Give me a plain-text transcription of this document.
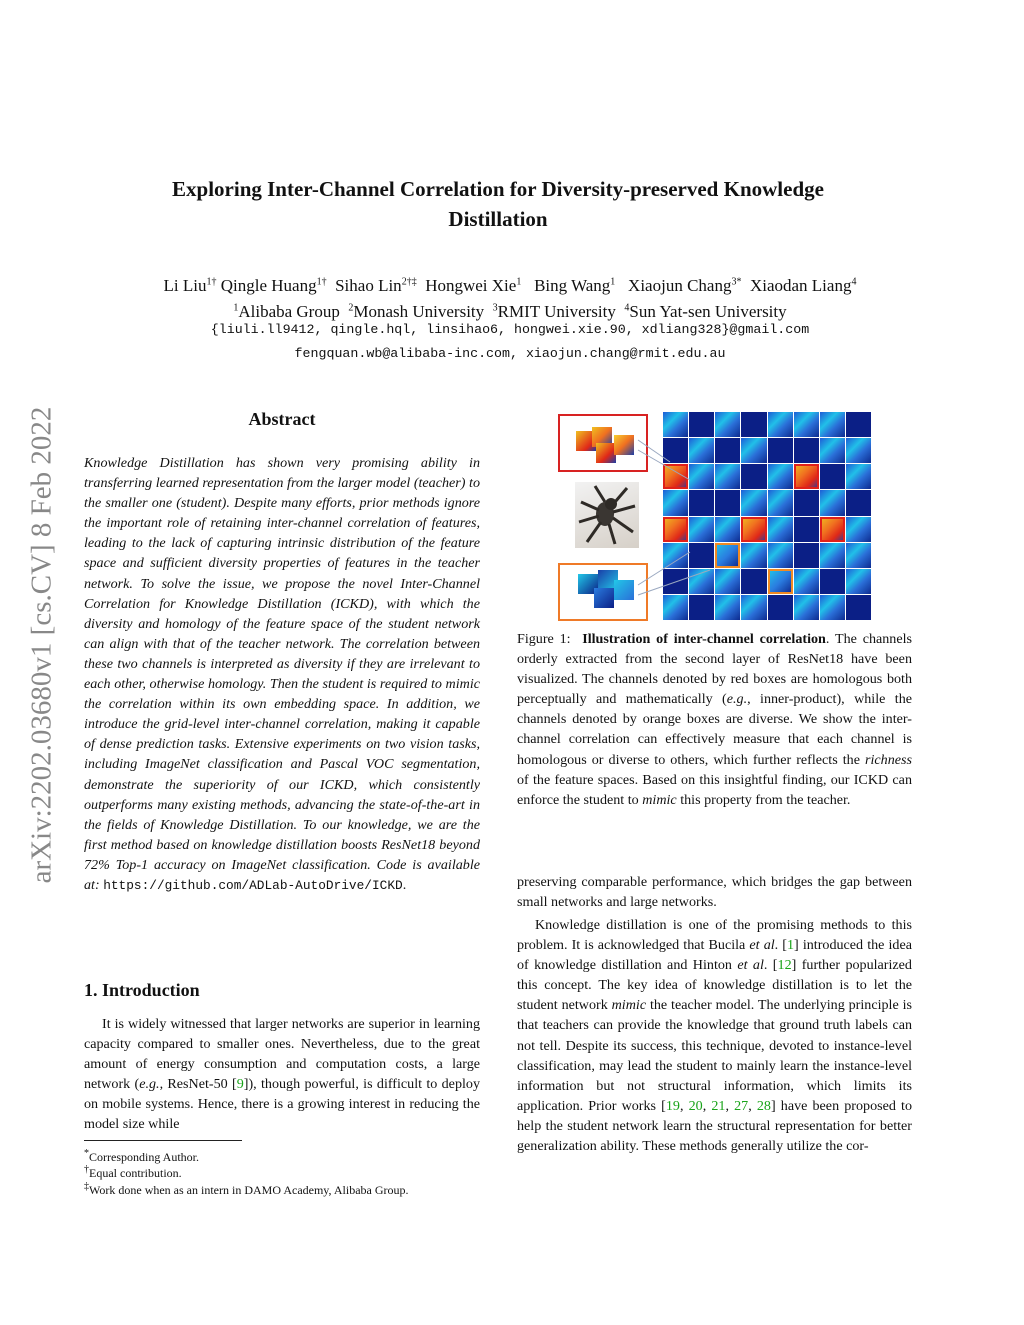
arXiv:2202.03680v1 [cs.CV] 8 Feb 2022
Exploring Inter-Channel Correlation for Diversity-preserved Knowledge
Distillation
Li Liu$^{1\dagger}$ Qingle Huang$^{1\dagger}$ Sihao Lin$^{2\dagger\ddagger}$ Hongwei Xie$^1$ Bing Wang$^1$ Xiaojun Chang$^{3*}$ Xiaodan Liang$^4$
$^1$Alibaba Group $^2$Monash University $^3$RMIT University $^4$Sun Yat-sen University
{liuli.ll9412, qingle.hql, linsihao6, hongwei.xie.90, xdliang328}@gmail.com
fengquan.wb@alibaba-inc.com, xiaojun.chang@rmit.edu.au
Abstract
Knowledge Distillation has shown very promising ability in transferring learned representation from the larger model (teacher) to the smaller one (student). Despite many efforts, prior methods ignore the important role of retaining inter-channel correlation of features, leading to the lack of capturing intrinsic distribution of the feature space and sufficient diversity properties of features in the teacher network. To solve the issue, we propose the novel Inter-Channel Correlation for Knowledge Distillation (ICKD), with which the diversity and homology of the feature space of the student network can align with that of the teacher network. The correlation between these two channels is interpreted as diversity if they are irrelevant to each other, otherwise homology. Then the student is required to mimic the correlation within its own embedding space. In addition, we introduce the grid-level inter-channel correlation, making it capable of dense prediction tasks. Extensive experiments on two vision tasks, including ImageNet classification and Pascal VOC segmentation, demonstrate the superiority of our ICKD, which consistently outperforms many existing methods, advancing the state-of-the-art in the fields of Knowledge Distillation. To our knowledge, we are the first method based on knowledge distillation boosts ResNet18 beyond 72% Top-1 accuracy on ImageNet classification. Code is available at: https://github.com/ADLab-AutoDrive/ICKD.
1. Introduction
It is widely witnessed that larger networks are superior in learning capacity compared to smaller ones. Nevertheless, due to the great amount of energy consumption and computation costs, a large network (e.g., ResNet-50 [9]), though powerful, is difficult to deploy on mobile systems. Hence, there is a growing interest in reducing the model size while
*Corresponding Author.
†Equal contribution.
‡Work done when as an intern in DAMO Academy, Alibaba Group.
Figure 1: Illustration of inter-channel correlation. The channels orderly extracted from the second layer of ResNet18 have been visualized. The channels denoted by red boxes are homologous both perceptually and mathematically (e.g., inner-product), while the channels denoted by orange boxes are diverse. We show the inter-channel correlation can effectively measure that each channel is homologous or diverse to others, which further reflects the richness of the feature spaces. Based on this insightful finding, our ICKD can enforce the student to mimic this property from the teacher.
preserving comparable performance, which bridges the gap between small networks and large networks.
Knowledge distillation is one of the promising methods to this problem. It is acknowledged that Bucila et al. [1] introduced the idea of knowledge distillation and Hinton et al. [12] further popularized this concept. The key idea of knowledge distillation is to let the student network mimic the teacher model. The underlying principle is that teachers can provide the knowledge that ground truth labels can not tell. Despite its success, this technique, devoted to instance-level classification, may lead the student to mainly learn the instance-level information but not structural information, which limits its application. Prior works [19, 20, 21, 27, 28] have been proposed to help the student network learn the structural representation for better generalization ability. These methods generally utilize the cor-
